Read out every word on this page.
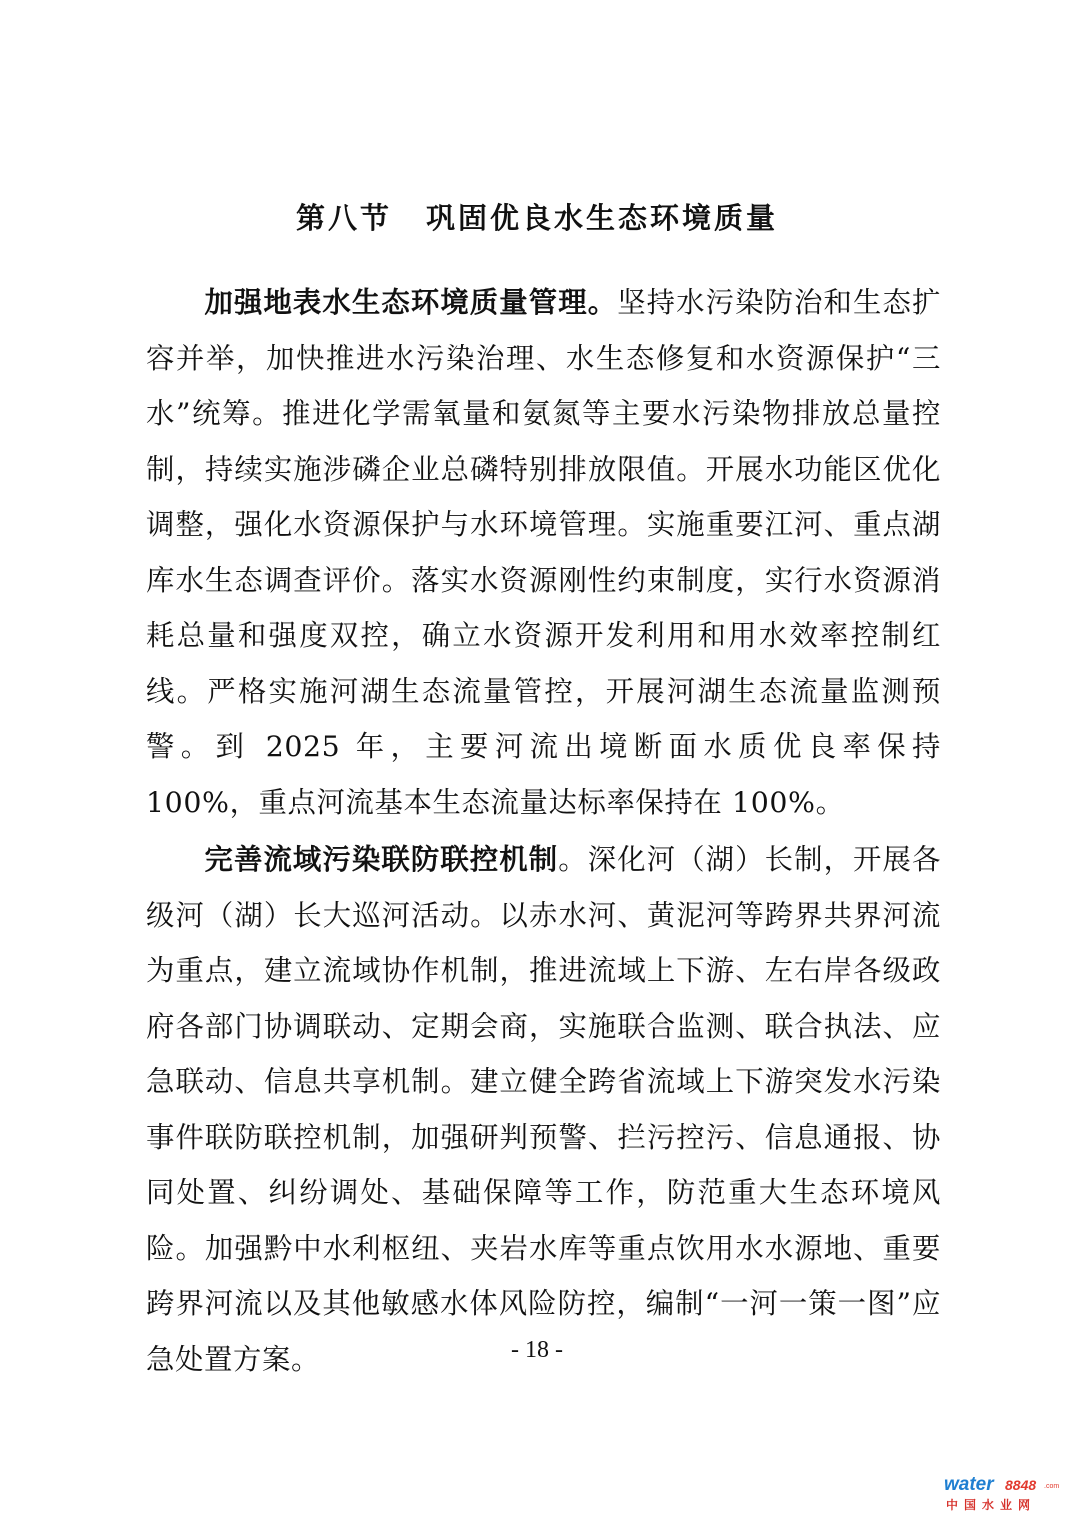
第八节 巩固优良水生态环境质量
加强地表水生态环境质量管理。坚持水污染防治和生态扩容并举，加快推进水污染治理、水生态修复和水资源保护“三水”统筹。推进化学需氧量和氨氮等主要水污染物排放总量控制，持续实施涉磷企业总磷特别排放限值。开展水功能区优化调整，强化水资源保护与水环境管理。实施重要江河、重点湖库水生态调查评价。落实水资源刚性约束制度，实行水资源消耗总量和强度双控，确立水资源开发利用和用水效率控制红线。严格实施河湖生态流量管控，开展河湖生态流量监测预警。到 2025 年，主要河流出境断面水质优良率保持 100%，重点河流基本生态流量达标率保持在 100%。
完善流域污染联防联控机制。深化河（湖）长制，开展各级河（湖）长大巡河活动。以赤水河、黄泥河等跨界共界河流为重点，建立流域协作机制，推进流域上下游、左右岸各级政府各部门协调联动、定期会商，实施联合监测、联合执法、应急联动、信息共享机制。建立健全跨省流域上下游突发水污染事件联防联控机制，加强研判预警、拦污控污、信息通报、协同处置、纠纷调处、基础保障等工作，防范重大生态环境风险。加强黔中水利枢纽、夹岩水库等重点饮用水水源地、重要跨界河流以及其他敏感水体风险防控，编制“一河一策一图”应急处置方案。	- 18 -
water 8848 .com
中国水业网
